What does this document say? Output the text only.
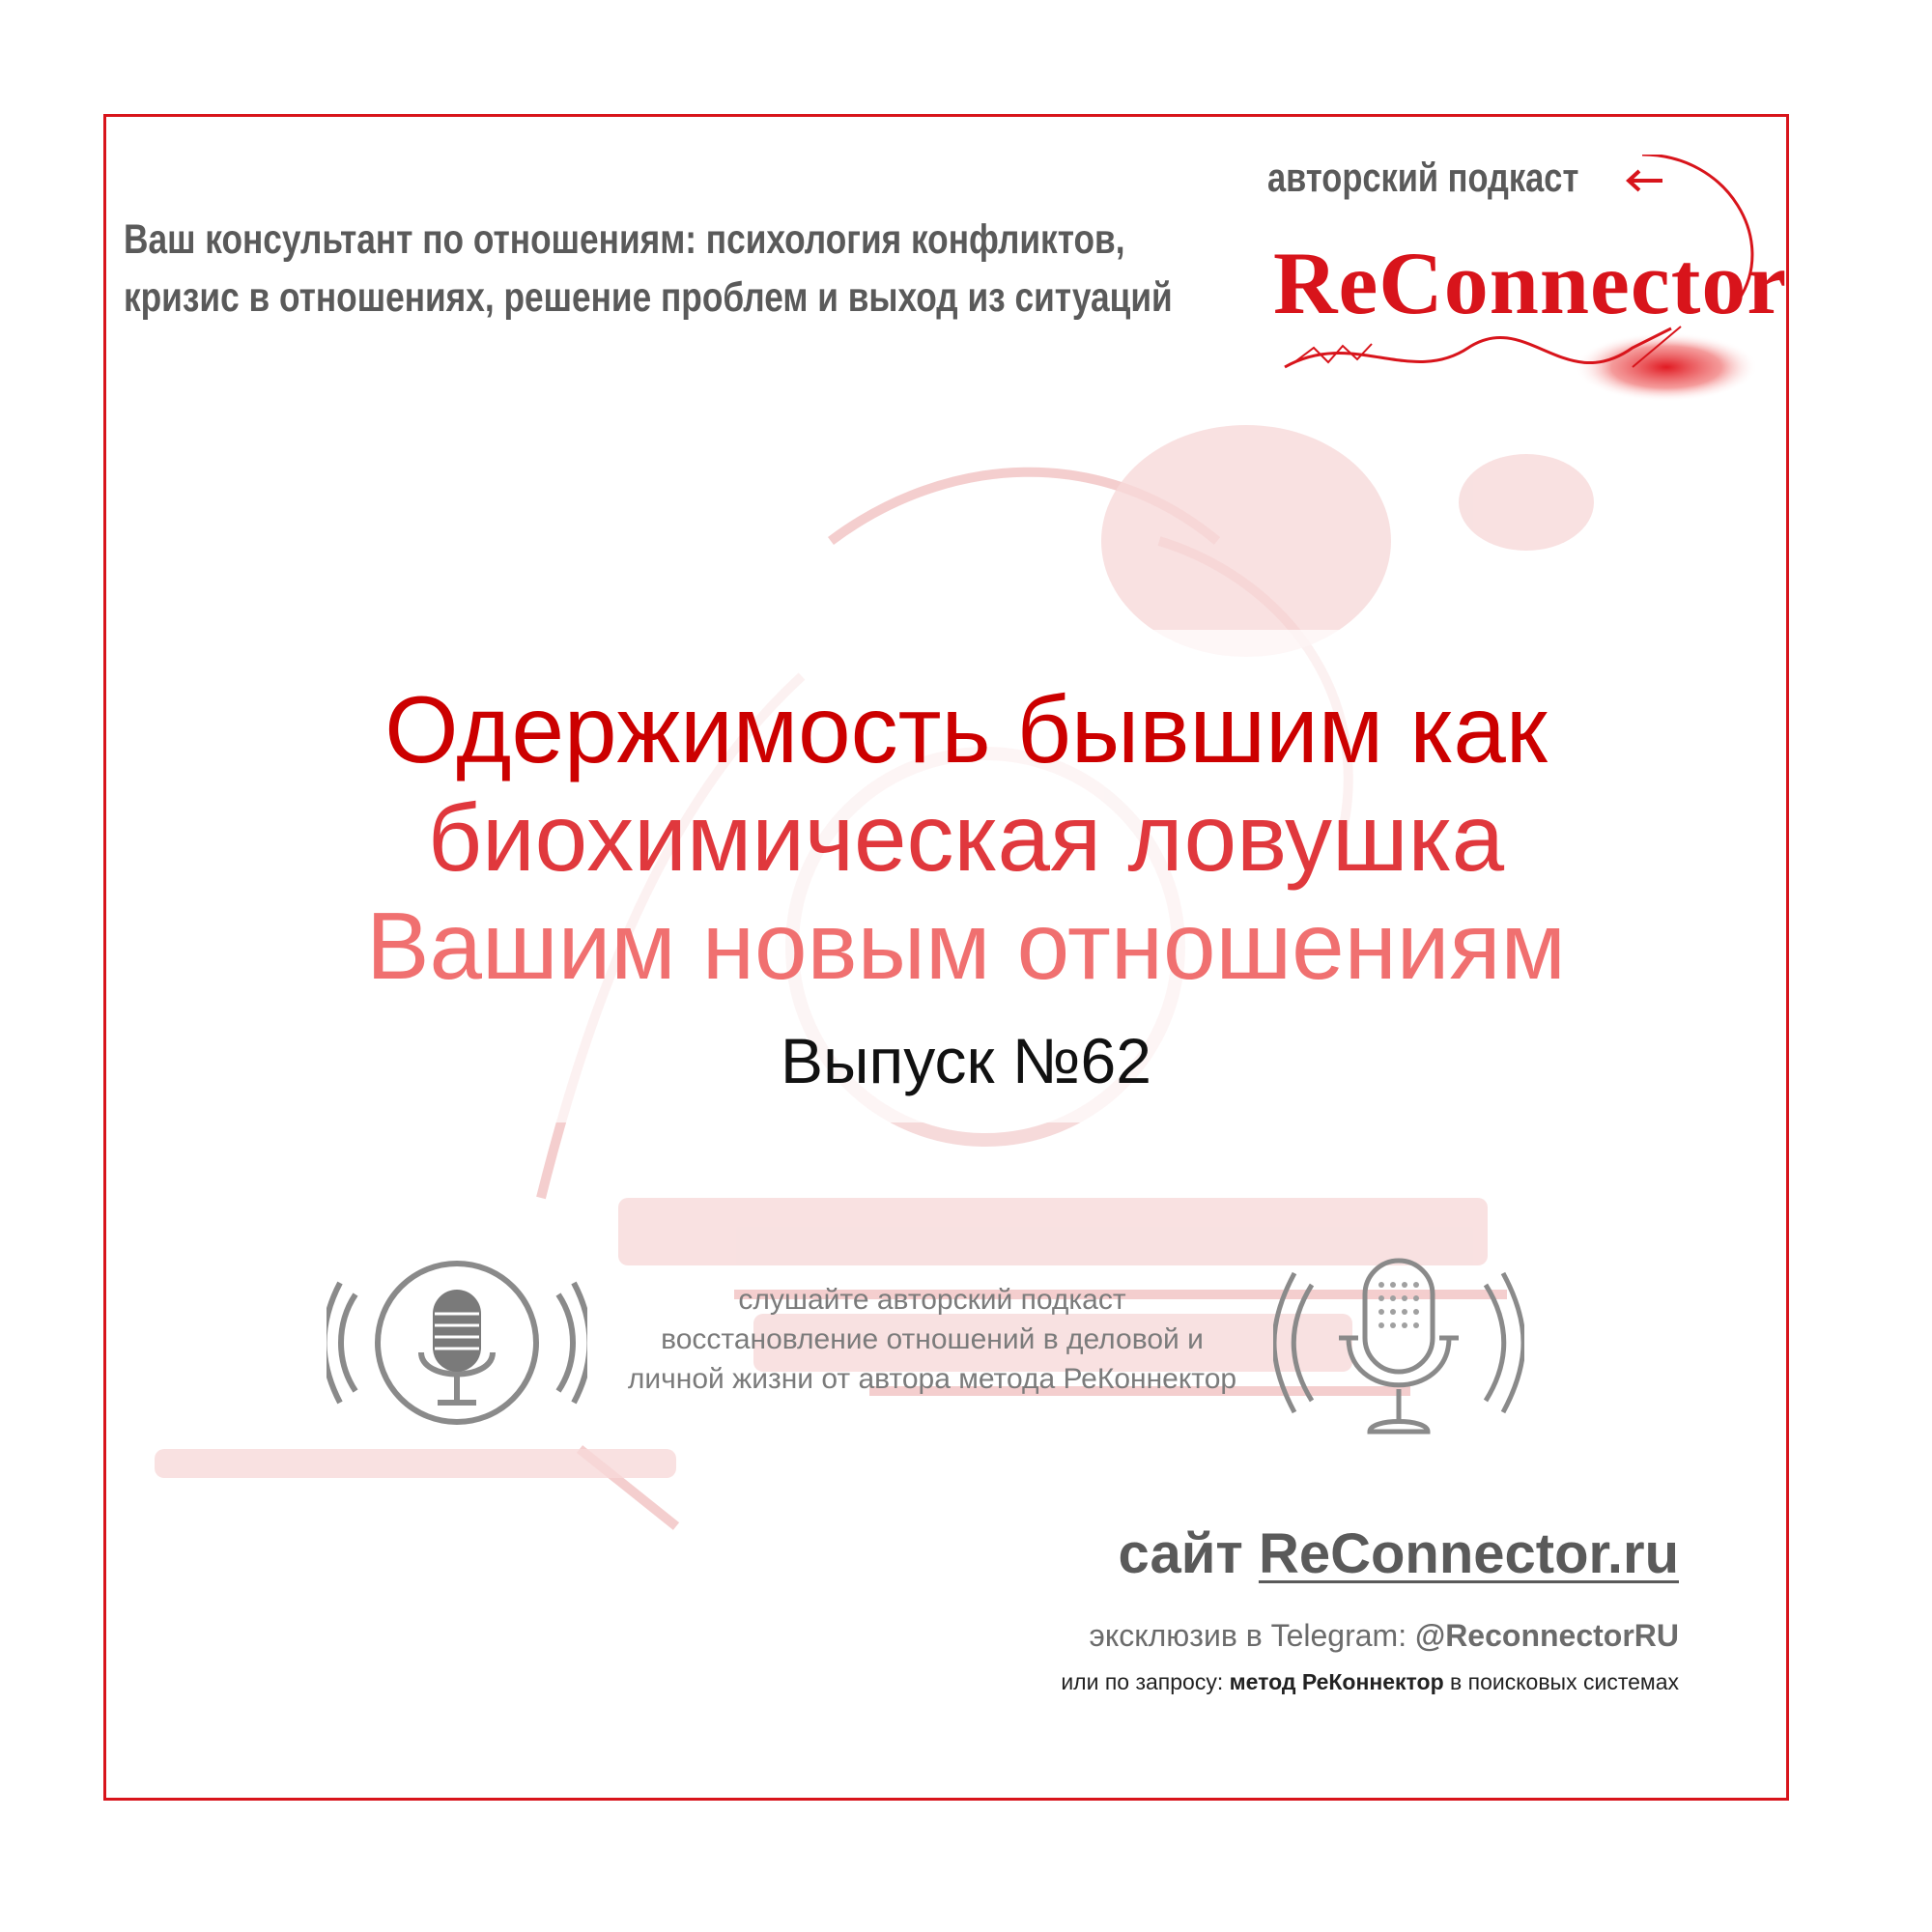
Ваш консультант по отношениям: психология конфликтов,
кризис в отношениях, решение проблем и выход из ситуаций
авторский подкаст
ReConnector
Одержимость бывшим как
биохимическая ловушка
Вашим новым отношениям
Выпуск №62
слушайте авторский подкаст
восстановление отношений в деловой и
личной жизни от автора метода РеКоннектор
сайт ReConnector.ru
эксклюзив в Telegram: @ReconnectorRU
или по запросу: метод РеКоннектор в поисковых системах
